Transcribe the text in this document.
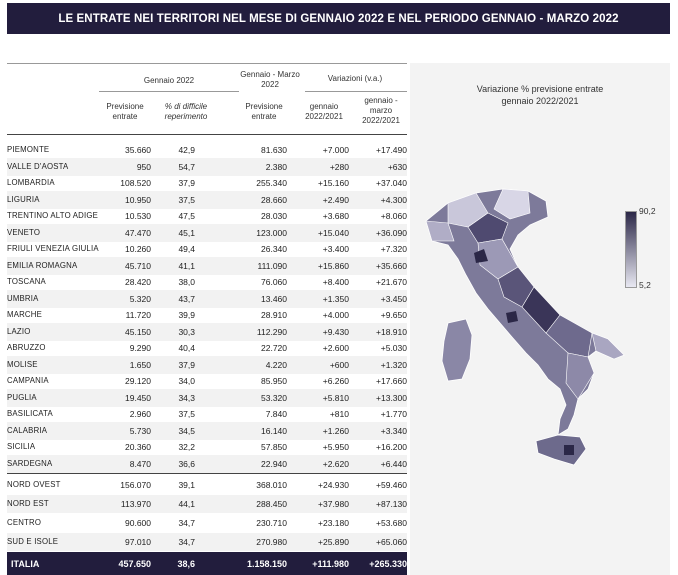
LE ENTRATE NEI TERRITORI NEL MESE DI GENNAIO 2022 E NEL PERIODO GENNAIO - MARZO 2022
Gennaio 2022
Gennaio - Marzo 2022
Variazioni (v.a.)
Previsione entrate
% di difficile reperimento
Previsione entrate
gennaio 2022/2021
gennaio - marzo 2022/2021
PIEMONTE	35.660	42,9	81.630	+7.000	+17.490
VALLE D'AOSTA	950	54,7	2.380	+280	+630
LOMBARDIA	108.520	37,9	255.340	+15.160	+37.040
LIGURIA	10.950	37,5	28.660	+2.490	+4.300
TRENTINO ALTO ADIGE	10.530	47,5	28.030	+3.680	+8.060
VENETO	47.470	45,1	123.000	+15.040	+36.090
FRIULI VENEZIA GIULIA	10.260	49,4	26.340	+3.400	+7.320
EMILIA ROMAGNA	45.710	41,1	111.090	+15.860	+35.660
TOSCANA	28.420	38,0	76.060	+8.400	+21.670
UMBRIA	5.320	43,7	13.460	+1.350	+3.450
MARCHE	11.720	39,9	28.910	+4.000	+9.650
LAZIO	45.150	30,3	112.290	+9.430	+18.910
ABRUZZO	9.290	40,4	22.720	+2.600	+5.030
MOLISE	1.650	37,9	4.220	+600	+1.320
CAMPANIA	29.120	34,0	85.950	+6.260	+17.660
PUGLIA	19.450	34,3	53.320	+5.810	+13.300
BASILICATA	2.960	37,5	7.840	+810	+1.770
CALABRIA	5.730	34,5	16.140	+1.260	+3.340
SICILIA	20.360	32,2	57.850	+5.950	+16.200
SARDEGNA	8.470	36,6	22.940	+2.620	+6.440
NORD OVEST	156.070	39,1	368.010	+24.930	+59.460
NORD EST	113.970	44,1	288.450	+37.980	+87.130
CENTRO	90.600	34,7	230.710	+23.180	+53.680
SUD E ISOLE	97.010	34,7	270.980	+25.890	+65.060
ITALIA	457.650	38,6	1.158.150	+111.980 +265.330
Variazione % previsione entrate
gennaio 2022/2021
90,2
5,2
